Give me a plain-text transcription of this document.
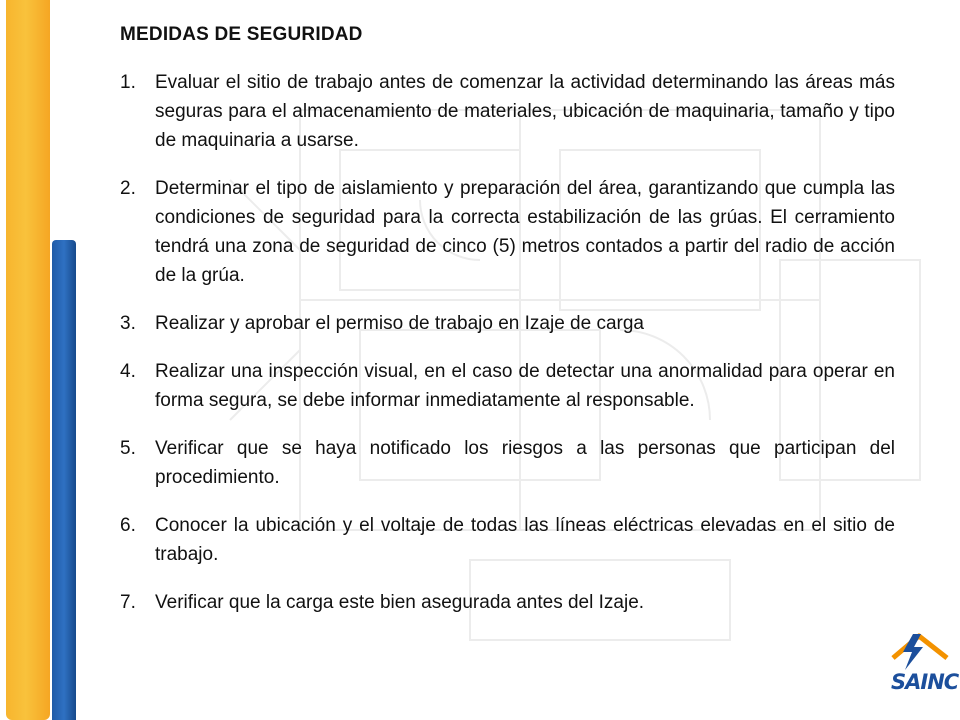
MEDIDAS DE SEGURIDAD
1.	Evaluar el sitio de trabajo antes de comenzar la actividad determinando las áreas más seguras para el almacenamiento de materiales, ubicación de maquinaria, tamaño y tipo de maquinaria a usarse.
2.	Determinar el tipo de aislamiento y preparación del área, garantizando que cumpla las condiciones de seguridad para la correcta estabilización de las grúas. El cerramiento tendrá una zona de seguridad de cinco (5) metros contados a partir del radio de acción de la grúa.
3.	Realizar y aprobar el permiso de trabajo en Izaje de carga
4.	Realizar una inspección visual, en el caso de detectar una anormalidad para operar en forma segura, se debe informar inmediatamente al responsable.
5.	Verificar que se haya notificado los riesgos a las personas que participan del procedimiento.
6.	Conocer la ubicación y el voltaje de todas las líneas eléctricas elevadas en el sitio de trabajo.
7.	Verificar que la carga este bien asegurada antes del Izaje.
SAINC
